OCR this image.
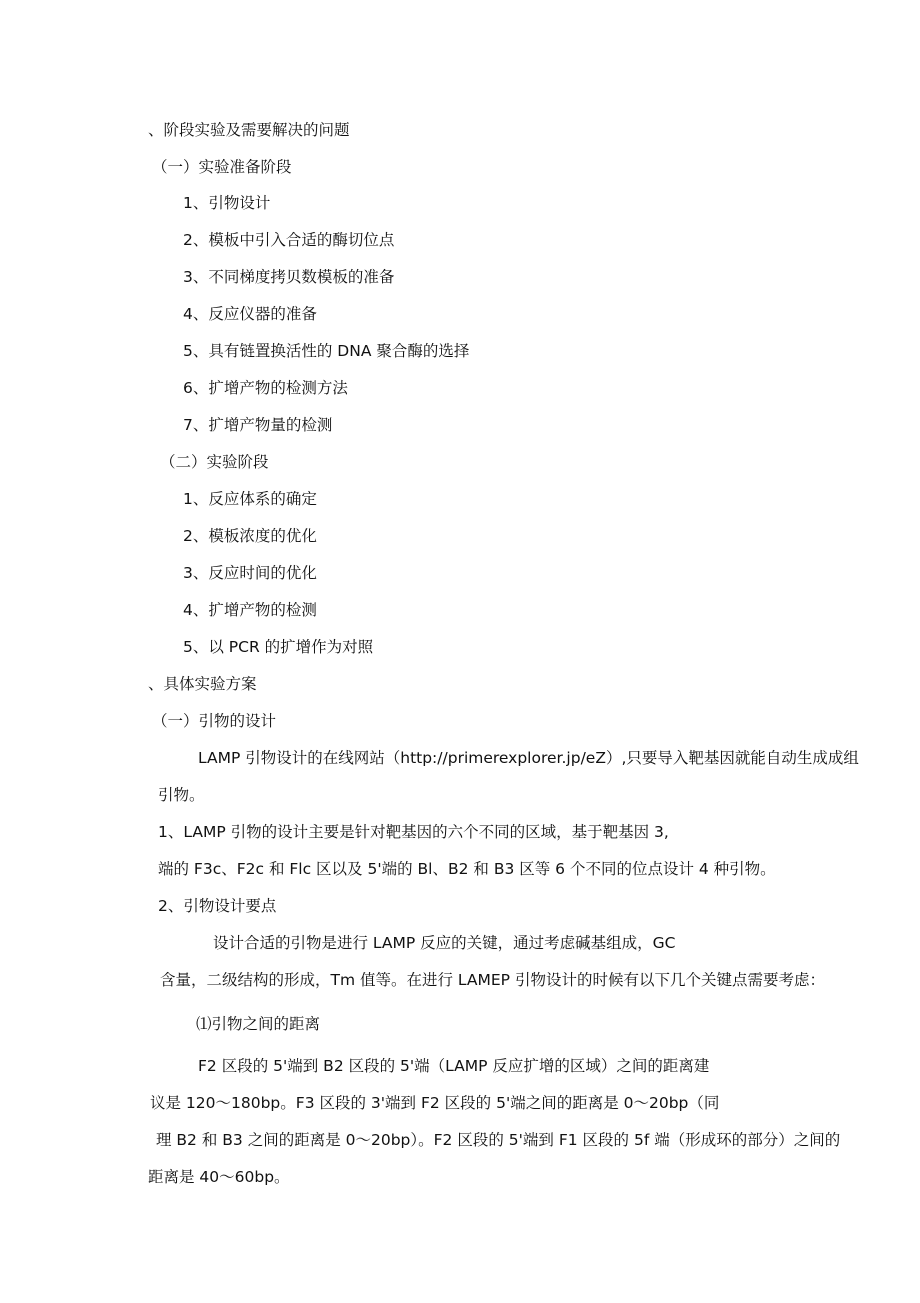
、阶段实验及需要解决的问题
（一）实验准备阶段
1、引物设计
2、模板中引入合适的酶切位点
3、不同梯度拷贝数模板的准备
4、反应仪器的准备
5、具有链置换活性的 DNA 聚合酶的选择
6、扩增产物的检测方法
7、扩增产物量的检测
（二）实验阶段
1、反应体系的确定
2、模板浓度的优化
3、反应时间的优化
4、扩增产物的检测
5、以 PCR 的扩增作为对照
、具体实验方案
（一）引物的设计
LAMP 引物设计的在线网站（http://primerexplorer.jp/eZ）,只要导入靶基因就能自动生成成组
引物。
1、LAMP 引物的设计主要是针对靶基因的六个不同的区域，基于靶基因 3,
端的 F3c、F2c 和 Flc 区以及 5'端的 Bl、B2 和 B3 区等 6 个不同的位点设计 4 种引物。
2、引物设计要点
设计合适的引物是进行 LAMP 反应的关键，通过考虑碱基组成，GC
含量，二级结构的形成，Tm 值等。在进行 LAMEP 引物设计的时候有以下几个关键点需要考虑：
⑴引物之间的距离
F2 区段的 5'端到 B2 区段的 5'端（LAMP 反应扩增的区域）之间的距离建
议是 120～180bp。F3 区段的 3'端到 F2 区段的 5'端之间的距离是 0～20bp（同
理 B2 和 B3 之间的距离是 0～20bp）。F2 区段的 5'端到 F1 区段的 5f 端（形成环的部分）之间的
距离是 40～60bp。
